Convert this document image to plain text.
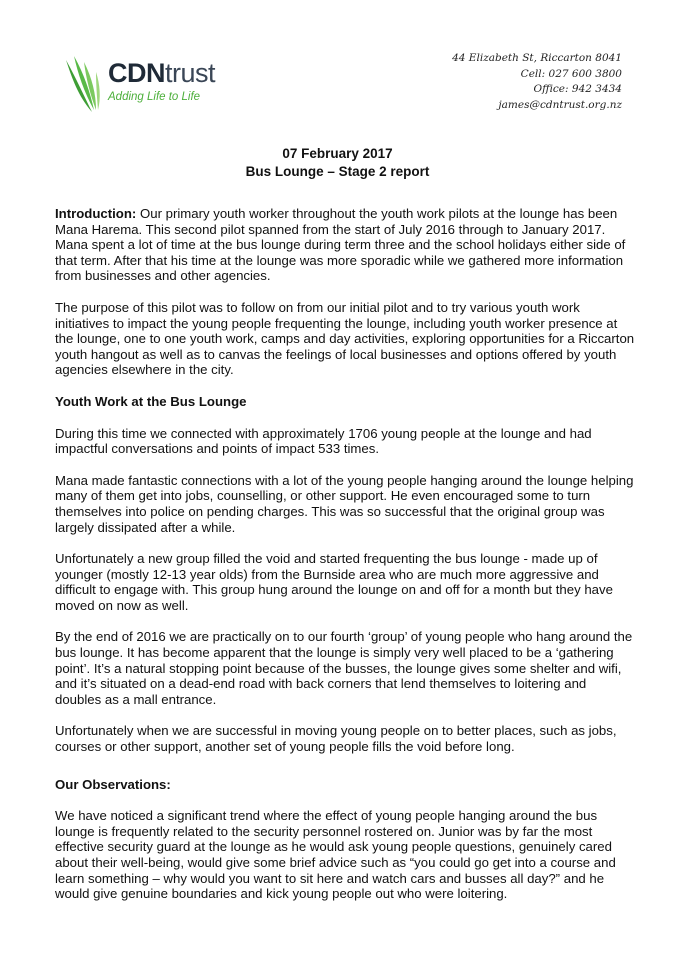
CDNtrust
Adding Life to Life
44 Elizabeth St, Riccarton 8041
Cell: 027 600 3800
Office: 942 3434
james@cdntrust.org.nz
07 February 2017
Bus Lounge – Stage 2 report

Introduction: Our primary youth worker throughout the youth work pilots at the lounge has been Mana Harema. This second pilot spanned from the start of July 2016 through to January 2017. Mana spent a lot of time at the bus lounge during term three and the school holidays either side of that term. After that his time at the lounge was more sporadic while we gathered more information from businesses and other agencies.

The purpose of this pilot was to follow on from our initial pilot and to try various youth work initiatives to impact the young people frequenting the lounge, including youth worker presence at the lounge, one to one youth work, camps and day activities, exploring opportunities for a Riccarton youth hangout as well as to canvas the feelings of local businesses and options offered by youth agencies elsewhere in the city.

Youth Work at the Bus Lounge

During this time we connected with approximately 1706 young people at the lounge and had impactful conversations and points of impact 533 times.

Mana made fantastic connections with a lot of the young people hanging around the lounge helping many of them get into jobs, counselling, or other support. He even encouraged some to turn themselves into police on pending charges. This was so successful that the original group was largely dissipated after a while.

Unfortunately a new group filled the void and started frequenting the bus lounge - made up of younger (mostly 12-13 year olds) from the Burnside area who are much more aggressive and difficult to engage with. This group hung around the lounge on and off for a month but they have moved on now as well.

By the end of 2016 we are practically on to our fourth ‘group’ of young people who hang around the bus lounge. It has become apparent that the lounge is simply very well placed to be a ‘gathering point’. It’s a natural stopping point because of the busses, the lounge gives some shelter and wifi, and it’s situated on a dead-end road with back corners that lend themselves to loitering and doubles as a mall entrance.

Unfortunately when we are successful in moving young people on to better places, such as jobs, courses or other support, another set of young people fills the void before long.

Our Observations:

We have noticed a significant trend where the effect of young people hanging around the bus lounge is frequently related to the security personnel rostered on. Junior was by far the most effective security guard at the lounge as he would ask young people questions, genuinely cared about their well-being, would give some brief advice such as “you could go get into a course and learn something – why would you want to sit here and watch cars and busses all day?” and he would give genuine boundaries and kick young people out who were loitering.
